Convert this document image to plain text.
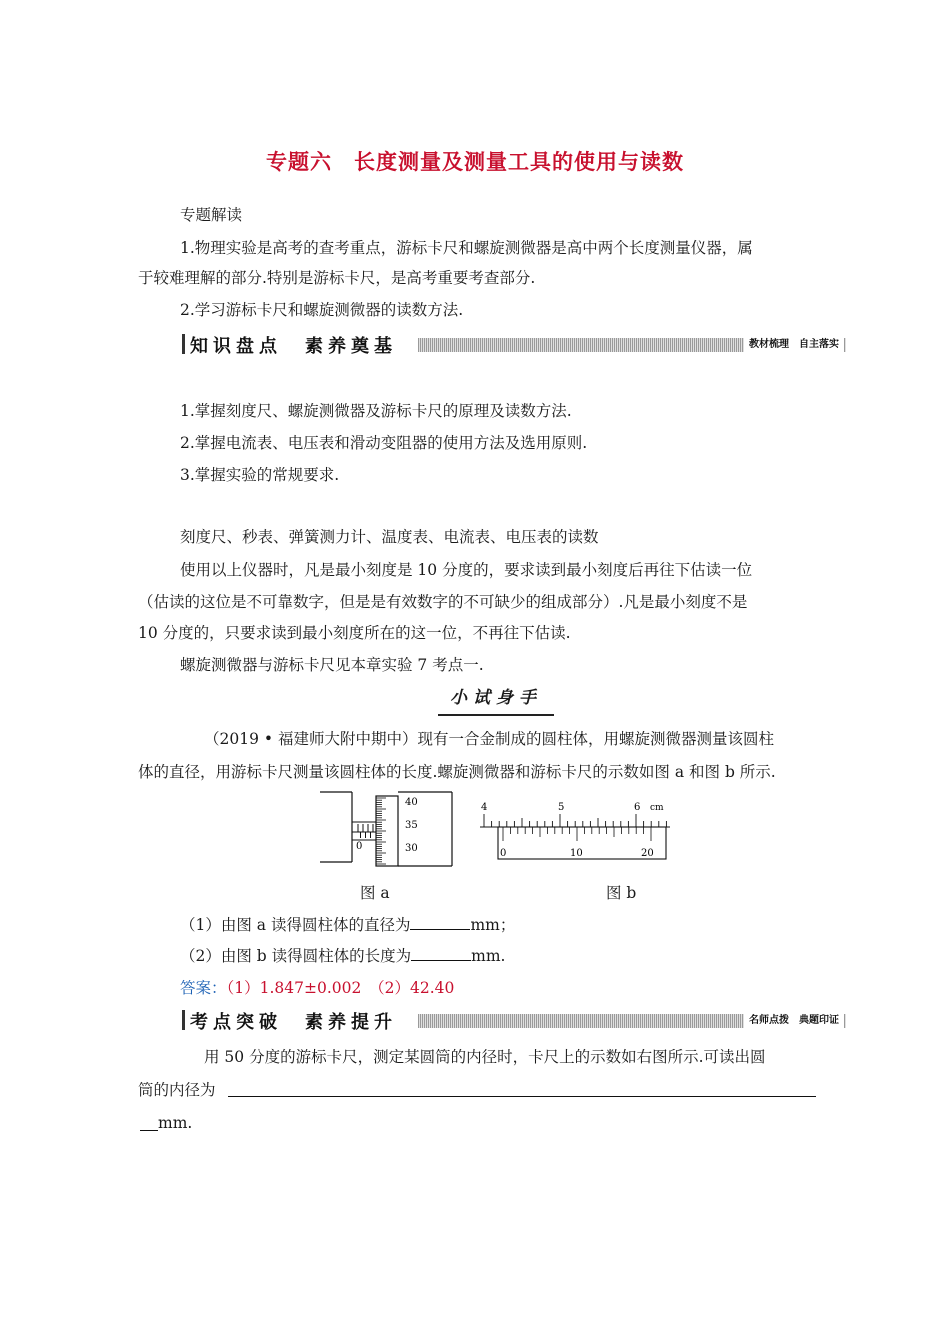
专题六　长度测量及测量工具的使用与读数
专题解读
1.物理实验是高考的查考重点，游标卡尺和螺旋测微器是高中两个长度测量仪器，属
于较难理解的部分.特别是游标卡尺，是高考重要考查部分.
2.学习游标卡尺和螺旋测微器的读数方法.
知识盘点　素养奠基	教材梳理　自主落实
1.掌握刻度尺、螺旋测微器及游标卡尺的原理及读数方法.
2.掌握电流表、电压表和滑动变阻器的使用方法及选用原则.
3.掌握实验的常规要求.
刻度尺、秒表、弹簧测力计、温度表、电流表、电压表的读数
使用以上仪器时，凡是最小刻度是 10 分度的，要求读到最小刻度后再往下估读一位
（估读的这位是不可靠数字，但是是有效数字的不可缺少的组成部分）.凡是最小刻度不是
10 分度的，只要求读到最小刻度所在的这一位，不再往下估读.
螺旋测微器与游标卡尺见本章实验 7 考点一.
小试身手
（2019 • 福建师大附中期中）现有一合金制成的圆柱体，用螺旋测微器测量该圆柱
体的直径，用游标卡尺测量该圆柱体的长度.螺旋测微器和游标卡尺的示数如图 a 和图 b 所示.
0
40
35
30
4	5	6 cm
0	10	20
图 a	图 b
（1）由图 a 读得圆柱体的直径为	mm；
（2）由图 b 读得圆柱体的长度为	mm.
答案：（1）1.847±0.002　（2）42.40
考点突破　素养提升	名师点拨　典题印证
用 50 分度的游标卡尺，测定某圆筒的内径时，卡尺上的示数如右图所示.可读出圆
筒的内径为
mm.
